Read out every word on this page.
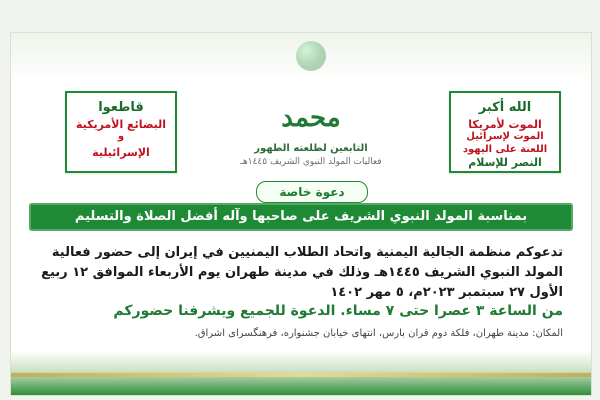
قاطعوا
البضائع الأمريكية
و
الإسرائيلية
محمد
التابعين لطلعته الطهور
فعاليات المولد النبوي الشريف ١٤٤٥هـ
الله أكبر
الموت لأمريكا
الموت لإسرائيل
اللعنة على اليهود
النصر للإسلام
دعوة خاصة
بمناسبة المولد النبوي الشريف على صاحبها وآله أفضل الصلاة والتسليم
تدعوكم منظمة الجالية اليمنية واتحاد الطلاب اليمنيين في إيران إلى حضور فعالية المولد النبوي الشريف ١٤٤٥هـ وذلك في مدينة طهران يوم الأربعاء الموافق ١٢ ربيع الأول ٢٧ سبتمبر ٢٠٢٣م، ٥ مهر ١٤٠٢
من الساعة ٣ عصرا حتى ٧ مساء. الدعوة للجميع ويشرفنا حضوركم
المكان: مدينة طهران، فلكة دوم قران بارس، انتهاى خيابان جشنواره، فرهنگسراى اشراق.
